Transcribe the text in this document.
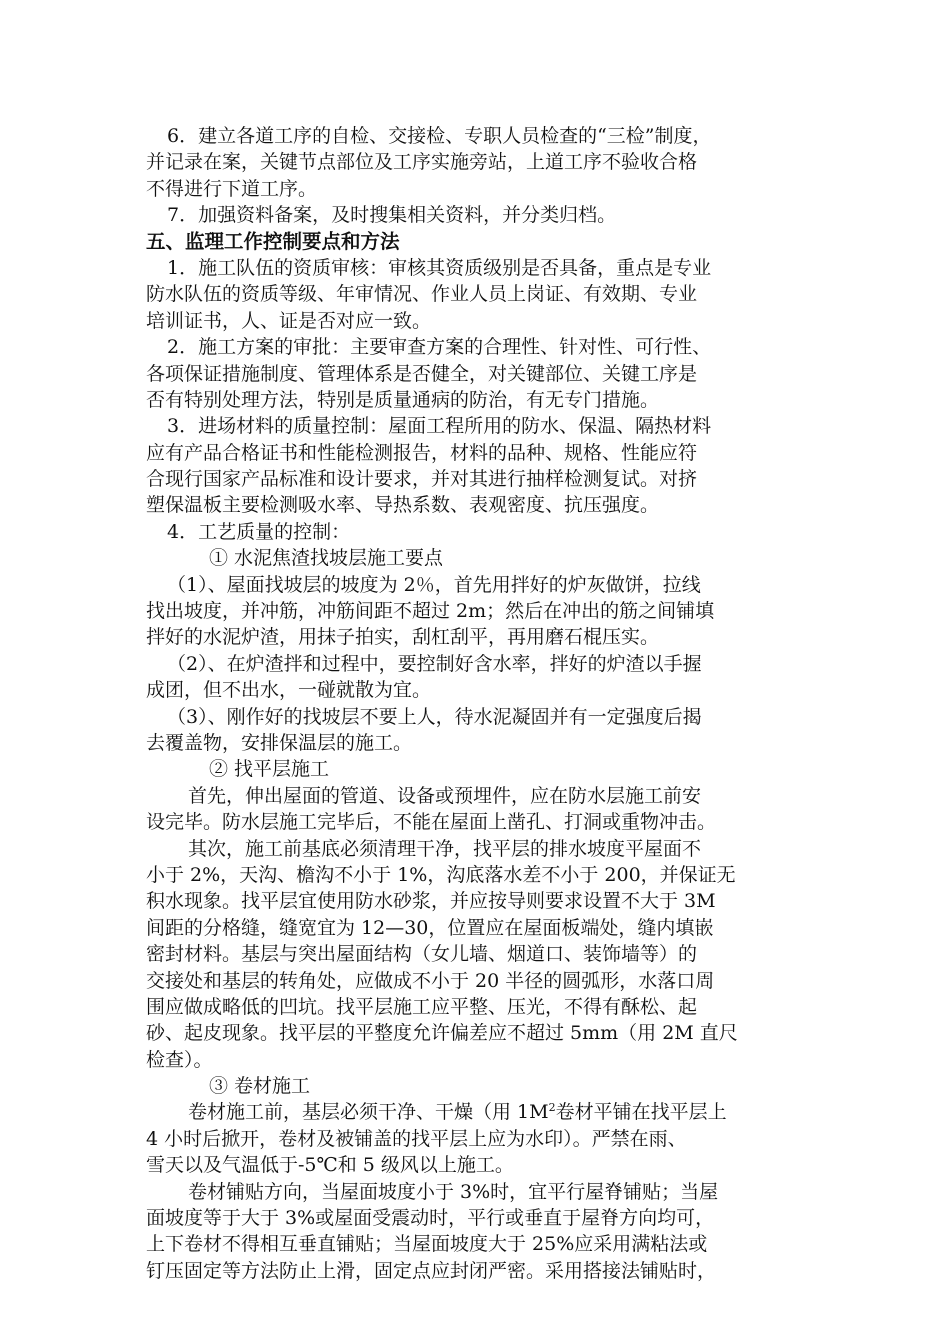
6．建立各道工序的自检、交接检、专职人员检查的“三检”制度，
并记录在案，关键节点部位及工序实施旁站，上道工序不验收合格
不得进行下道工序。
7．加强资料备案，及时搜集相关资料，并分类归档。
五、监理工作控制要点和方法
1．施工队伍的资质审核：审核其资质级别是否具备，重点是专业
防水队伍的资质等级、年审情况、作业人员上岗证、有效期、专业
培训证书，人、证是否对应一致。
2．施工方案的审批：主要审查方案的合理性、针对性、可行性、
各项保证措施制度、管理体系是否健全，对关键部位、关键工序是
否有特别处理方法，特别是质量通病的防治，有无专门措施。
3．进场材料的质量控制：屋面工程所用的防水、保温、隔热材料
应有产品合格证书和性能检测报告，材料的品种、规格、性能应符
合现行国家产品标准和设计要求，并对其进行抽样检测复试。对挤
塑保温板主要检测吸水率、导热系数、表观密度、抗压强度。
4．工艺质量的控制：
① 水泥焦渣找坡层施工要点
（1）、屋面找坡层的坡度为 2％，首先用拌好的炉灰做饼，拉线
找出坡度，并冲筋，冲筋间距不超过 2m；然后在冲出的筋之间铺填
拌好的水泥炉渣，用抹子拍实，刮杠刮平，再用磨石棍压实。
（2）、在炉渣拌和过程中，要控制好含水率，拌好的炉渣以手握
成团，但不出水，一碰就散为宜。
（3）、刚作好的找坡层不要上人，待水泥凝固并有一定强度后揭
去覆盖物，安排保温层的施工。
② 找平层施工
首先，伸出屋面的管道、设备或预埋件，应在防水层施工前安
设完毕。防水层施工完毕后，不能在屋面上凿孔、打洞或重物冲击。
其次，施工前基底必须清理干净，找平层的排水坡度平屋面不
小于 2%，天沟、檐沟不小于 1%，沟底落水差不小于 200，并保证无
积水现象。找平层宜使用防水砂浆，并应按导则要求设置不大于 3M
间距的分格缝，缝宽宜为 12—30，位置应在屋面板端处，缝内填嵌
密封材料。基层与突出屋面结构（女儿墙、烟道口、装饰墙等）的
交接处和基层的转角处，应做成不小于 20 半径的圆弧形，水落口周
围应做成略低的凹坑。找平层施工应平整、压光，不得有酥松、起
砂、起皮现象。找平层的平整度允许偏差应不超过 5mm（用 2M 直尺
检查）。
③ 卷材施工
卷材施工前，基层必须干净、干燥（用 $1M^2$卷材平铺在找平层上
4 小时后掀开，卷材及被铺盖的找平层上应为水印）。严禁在雨、
雪天以及气温低于-5℃和 5 级风以上施工。
卷材铺贴方向，当屋面坡度小于 3%时，宜平行屋脊铺贴；当屋
面坡度等于大于 3%或屋面受震动时，平行或垂直于屋脊方向均可，
上下卷材不得相互垂直铺贴；当屋面坡度大于 25%应采用满粘法或
钉压固定等方法防止上滑，固定点应封闭严密。采用搭接法铺贴时，
